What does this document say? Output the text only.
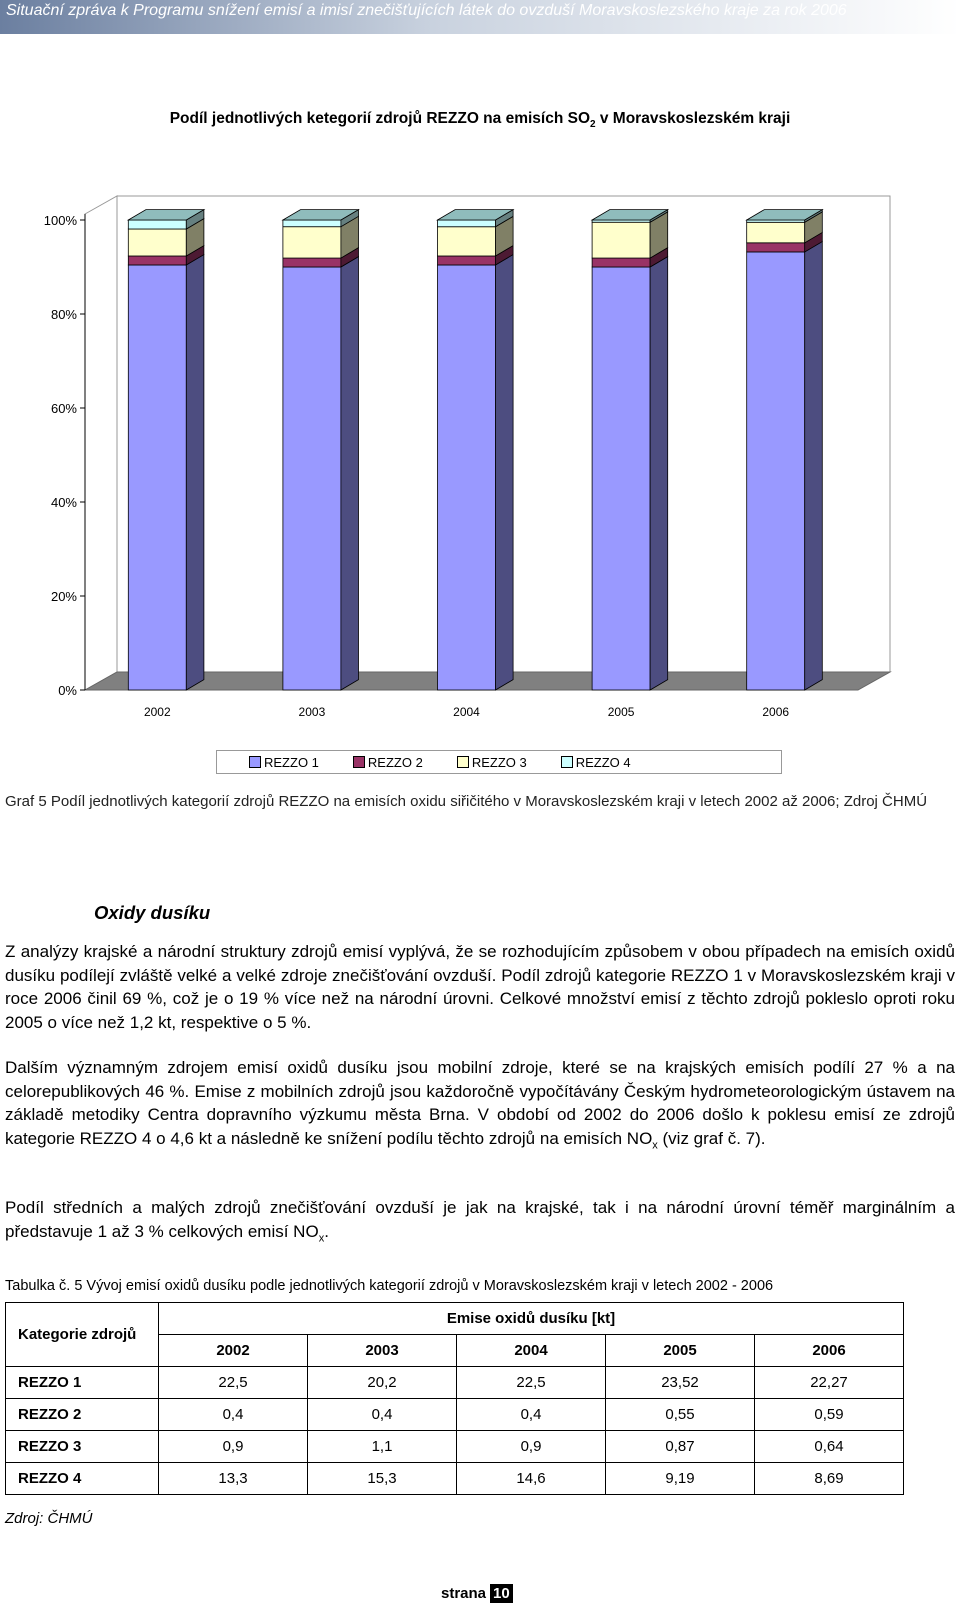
Situační zpráva k Programu snížení emisí a imisí znečišťujících látek do ovzduší Moravskoslezského kraje za rok 2006
Podíl jednotlivých ketegorií zdrojů REZZO na emisích $SO_2$ v Moravskoslezském kraji
0%
20%
40%
60%
80%
100%
2002	2003	2004	2005	2006
REZZO 1	REZZO 2	REZZO 3	REZZO 4
Graf 5 Podíl jednotlivých kategorií zdrojů REZZO na emisích oxidu siřičitého v Moravskoslezském kraji v letech 2002 až 2006; Zdroj ČHMÚ
Oxidy dusíku
Z analýzy krajské a národní struktury zdrojů emisí vyplývá, že se rozhodujícím způsobem v obou případech na emisích oxidů dusíku podílejí zvláště velké a velké zdroje znečišťování ovzduší. Podíl zdrojů kategorie REZZO 1 v Moravskoslezském kraji v roce 2006 činil 69 %, což je o 19 % více než na národní úrovni. Celkové množství emisí z těchto zdrojů pokleslo oproti roku 2005 o více než 1,2 kt, respektive o 5 %.
Dalším významným zdrojem emisí oxidů dusíku jsou mobilní zdroje, které se na krajských emisích podílí 27 % a na celorepublikových 46 %. Emise z mobilních zdrojů jsou každoročně vypočítávány Českým hydrometeorologickým ústavem na základě metodiky Centra dopravního výzkumu města Brna. V období od 2002 do 2006 došlo k poklesu emisí ze zdrojů kategorie REZZO 4 o 4,6 kt a následně ke snížení podílu těchto zdrojů na emisích $NO_x$ (viz graf č. 7).
Podíl středních a malých zdrojů znečišťování ovzduší je jak na krajské, tak i na národní úrovní téměř marginálním a představuje 1 až 3 % celkových emisí $NO_x$.
Tabulka č. 5 Vývoj emisí oxidů dusíku podle jednotlivých kategorií zdrojů v Moravskoslezském kraji v letech 2002 - 2006
Kategorie zdrojů	Emise oxidů dusíku [kt]				
	2002	2003	2004	2005	2006
REZZO 1	22,5	20,2	22,5	23,52	22,27
REZZO 2	0,4	0,4	0,4	0,55	0,59
REZZO 3	0,9	1,1	0,9	0,87	0,64
REZZO 4	13,3	15,3	14,6	9,19	8,69
Zdroj: ČHMÚ
strana 10
